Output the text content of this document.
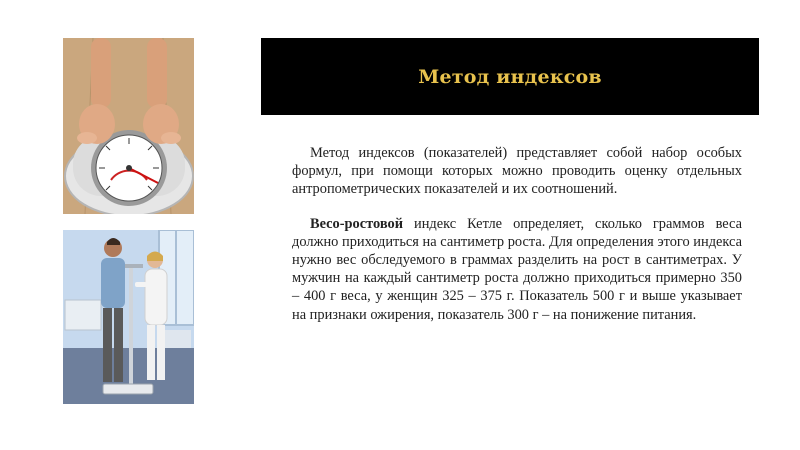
Метод индексов

Метод индексов (показателей) представляет собой набор особых формул, при помощи которых можно проводить оценку отдельных антропометрических показателей и их соотношений.

Весо-ростовой индекс Кетле определяет, сколько граммов веса должно приходиться на сантиметр роста. Для определения этого индекса нужно вес обследуемого в граммах разделить на рост в сантиметрах. У мужчин на каждый сантиметр роста должно приходиться примерно 350 – 400 г веса, у женщин 325 – 375 г. Показатель 500 г и выше указывает на признаки ожирения, показатель 300 г – на понижение питания.
